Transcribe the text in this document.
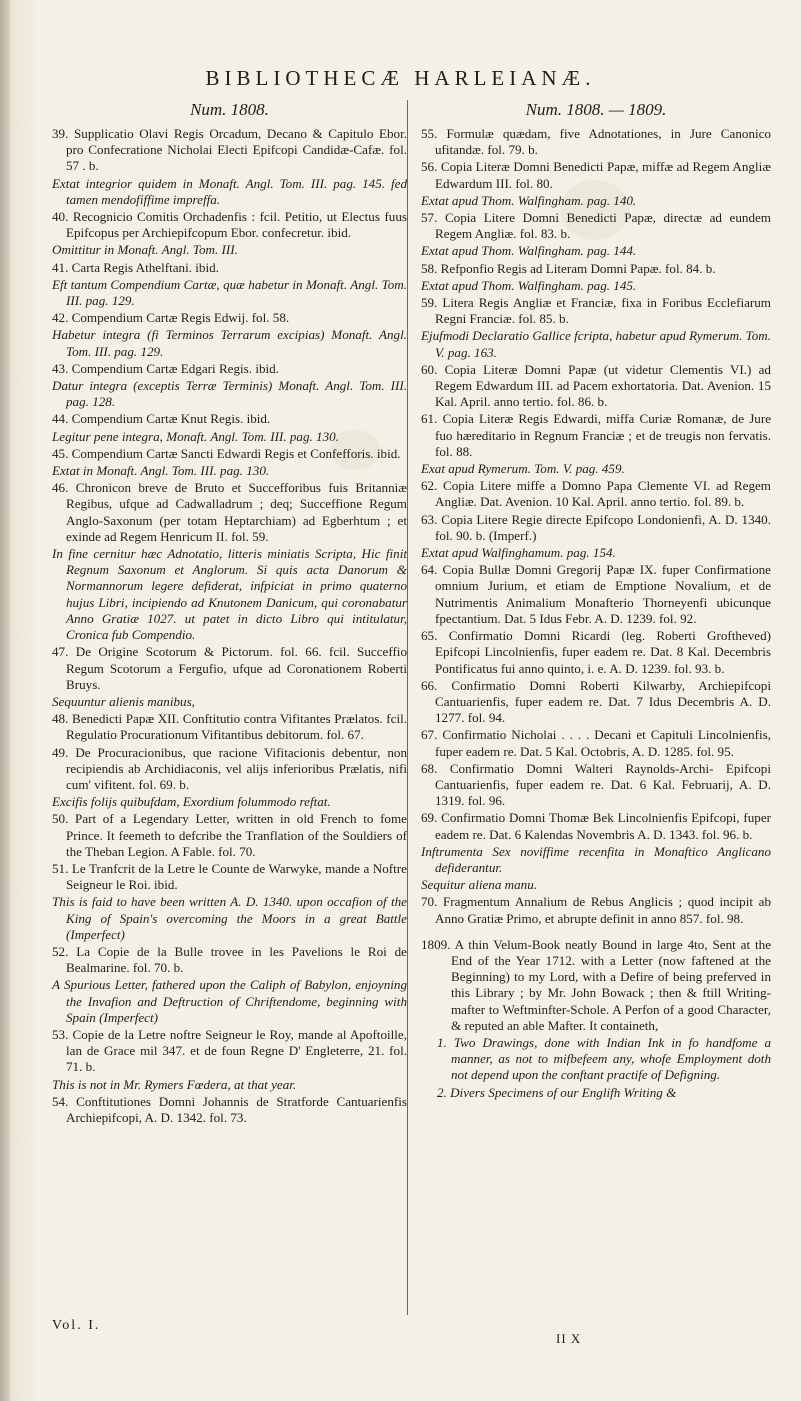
BIBLIOTHECÆ HARLEIANÆ.
Num. 1808.
39. Supplicatio Olavi Regis Orcadum, Decano & Capitulo Ebor. pro Confecratione Nicholai Electi Epifcopi Candidæ-Cafæ. fol. 57 . b.
Extat integrior quidem in Monaft. Angl. Tom. III. pag. 145. fed tamen mendofiffime impreffa.
40. Recognicio Comitis Orchadenfis : fcil. Petitio, ut Electus fuus Epifcopus per Archiepifcopum Ebor. confecretur. ibid.
Omittitur in Monaft. Angl. Tom. III.
41. Carta Regis Athelftani. ibid.
Eft tantum Compendium Cartæ, quæ habetur in Monaft. Angl. Tom. III. pag. 129.
42. Compendium Cartæ Regis Edwij. fol. 58.
Habetur integra (fi Terminos Terrarum excipias) Monaft. Angl. Tom. III. pag. 129.
43. Compendium Cartæ Edgari Regis. ibid.
Datur integra (exceptis Terræ Terminis) Monaft. Angl. Tom. III. pag. 128.
44. Compendium Cartæ Knut Regis. ibid.
Legitur pene integra, Monaft. Angl. Tom. III. pag. 130.
45. Compendium Cartæ Sancti Edwardi Regis et Confefforis. ibid.
Extat in Monaft. Angl. Tom. III. pag. 130.
46. Chronicon breve de Bruto et Succefforibus fuis Britanniæ Regibus, ufque ad Cadwalladrum ; deq; Succeffione Regum Anglo-Saxonum (per totam Heptarchiam) ad Egberhtum ; et exinde ad Regem Henricum II. fol. 59.
In fine cernitur hæc Adnotatio, litteris miniatis Scripta, Hic finit Regnum Saxonum et Anglorum. Si quis acta Danorum & Normannorum legere defiderat, infpiciat in primo quaterno hujus Libri, incipiendo ad Knutonem Danicum, qui coronabatur Anno Gratiæ 1027. ut patet in dicto Libro qui intitulatur, Cronica fub Compendio.
47. De Origine Scotorum & Pictorum. fol. 66. fcil. Succeffio Regum Scotorum a Fergufio, ufque ad Coronationem Roberti Bruys.
Sequuntur alienis manibus,
48. Benedicti Papæ XII. Conftitutio contra Vifitantes Prælatos. fcil. Regulatio Procurationum Vifitantibus debitorum. fol. 67.
49. De Procuracionibus, que racione Vifitacionis debentur, non recipiendis ab Archidiaconis, vel alijs inferioribus Prælatis, nifi cum' vifitent. fol. 69. b.
Excifis folijs quibufdam, Exordium folummodo reftat.
50. Part of a Legendary Letter, written in old French to fome Prince. It feemeth to defcribe the Tranflation of the Souldiers of the Theban Legion. A Fable. fol. 70.
51. Le Tranfcrit de la Letre le Counte de Warwyke, mande a Noftre Seigneur le Roi. ibid.
This is faid to have been written A. D. 1340. upon occafion of the King of Spain's overcoming the Moors in a great Battle (Imperfect)
52. La Copie de la Bulle trovee in les Pavelions le Roi de Bealmarine. fol. 70. b.
A Spurious Letter, fathered upon the Caliph of Babylon, enjoyning the Invafion and Deftruction of Chriftendome, beginning with Spain (Imperfect)
53. Copie de la Letre noftre Seigneur le Roy, mande al Apoftoille, lan de Grace mil 347. et de foun Regne D' Engleterre, 21. fol. 71. b.
This is not in Mr. Rymers Fœdera, at that year.
54. Conftitutiones Domni Johannis de Stratforde Cantuarienfis Archiepifcopi, A. D. 1342. fol. 73.
Num. 1808. — 1809.
55. Formulæ quædam, five Adnotationes, in Jure Canonico ufitandæ. fol. 79. b.
56. Copia Literæ Domni Benedicti Papæ, miffæ ad Regem Angliæ Edwardum III. fol. 80.
Extat apud Thom. Walfingham. pag. 140.
57. Copia Litere Domni Benedicti Papæ, directæ ad eundem Regem Angliæ. fol. 83. b.
Extat apud Thom. Walfingham. pag. 144.
58. Refponfio Regis ad Literam Domni Papæ. fol. 84. b.
Extat apud Thom. Walfingham. pag. 145.
59. Litera Regis Angliæ et Franciæ, fixa in Foribus Ecclefiarum Regni Franciæ. fol. 85. b.
Ejufmodi Declaratio Gallice fcripta, habetur apud Rymerum. Tom. V. pag. 163.
60. Copia Literæ Domni Papæ (ut videtur Clementis VI.) ad Regem Edwardum III. ad Pacem exhortatoria. Dat. Avenion. 15 Kal. April. anno tertio. fol. 86. b.
61. Copia Literæ Regis Edwardi, miffa Curiæ Romanæ, de Jure fuo hæreditario in Regnum Franciæ ; et de treugis non fervatis. fol. 88.
Exat apud Rymerum. Tom. V. pag. 459.
62. Copia Litere miffe a Domno Papa Clemente VI. ad Regem Angliæ. Dat. Avenion. 10 Kal. April. anno tertio. fol. 89. b.
63. Copia Litere Regie directe Epifcopo Londonienfi, A. D. 1340. fol. 90. b. (Imperf.)
Extat apud Walfinghamum. pag. 154.
64. Copia Bullæ Domni Gregorij Papæ IX. fuper Confirmatione omnium Jurium, et etiam de Emptione Novalium, et de Nutrimentis Animalium Monafterio Thorneyenfi ubicunque fpectantium. Dat. 5 Idus Febr. A. D. 1239. fol. 92.
65. Confirmatio Domni Ricardi (leg. Roberti Groftheved) Epifcopi Lincolnienfis, fuper eadem re. Dat. 8 Kal. Decembris Pontificatus fui anno quinto, i. e. A. D. 1239. fol. 93. b.
66. Confirmatio Domni Roberti Kilwarby, Archiepifcopi Cantuarienfis, fuper eadem re. Dat. 7 Idus Decembris A. D. 1277. fol. 94.
67. Confirmatio Nicholai . . . . Decani et Capituli Lincolnienfis, fuper eadem re. Dat. 5 Kal. Octobris, A. D. 1285. fol. 95.
68. Confirmatio Domni Walteri Raynolds-Archi- Epifcopi Cantuarienfis, fuper eadem re. Dat. 6 Kal. Februarij, A. D. 1319. fol. 96.
69. Confirmatio Domni Thomæ Bek Lincolnienfis Epifcopi, fuper eadem re. Dat. 6 Kalendas Novembris A. D. 1343. fol. 96. b.
Inftrumenta Sex noviffime recenfita in Monaftico Anglicano defiderantur.
Sequitur aliena manu.
70. Fragmentum Annalium de Rebus Anglicis ; quod incipit ab Anno Gratiæ Primo, et abrupte definit in anno 857. fol. 98.
1809. A thin Velum-Book neatly Bound in large 4to, Sent at the End of the Year 1712. with a Letter (now faftened at the Beginning) to my Lord, with a Defire of being preferved in this Library ; by Mr. John Bowack ; then & ftill Writing-mafter to Weftminfter-Schole. A Perfon of a good Character, & reputed an able Mafter. It containeth,
1. Two Drawings, done with Indian Ink in fo handfome a manner, as not to mifbefeem any, whofe Employment doth not depend upon the conftant practife of Defigning.
2. Divers Specimens of our Englifh Writing &
Vol. I.
II X
